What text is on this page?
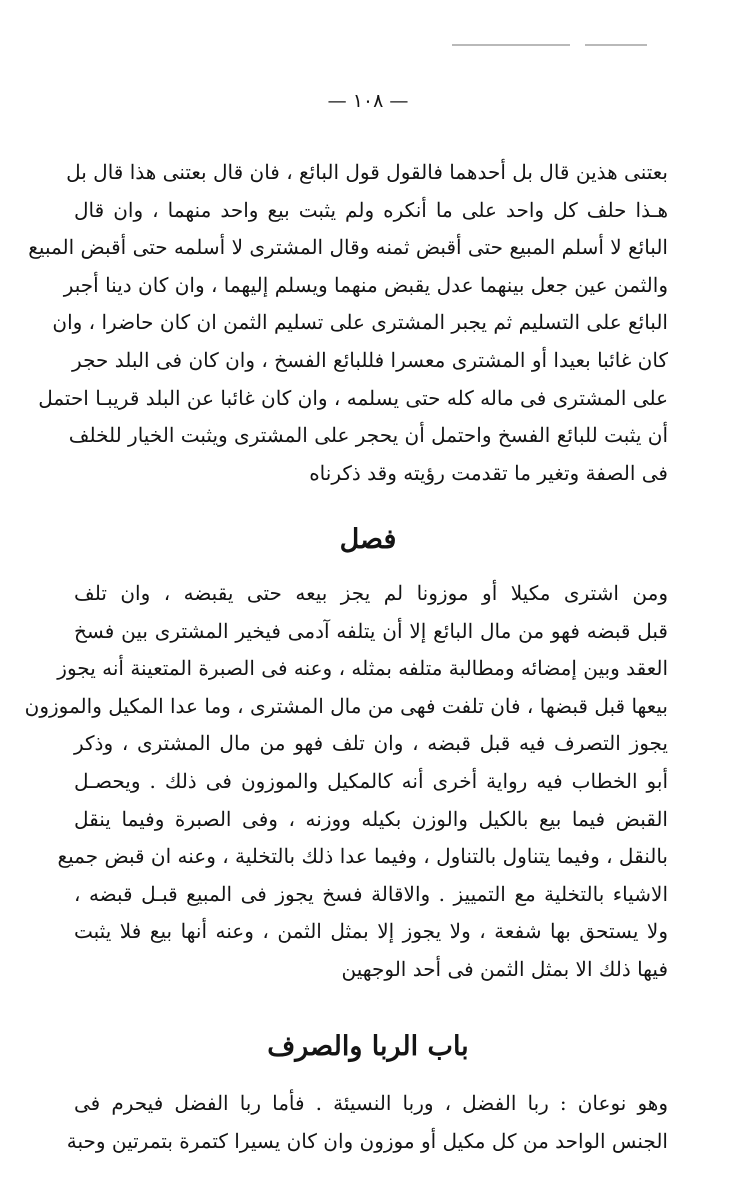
— ١٠٨ —
بعتنى هذين قال بل أحدهما فالقول قول البائع ، فان قال بعتنى هذا قال بل
هـذا حلف كل واحد على ما أنكره ولم يثبت بيع واحد منهما ، وان قال
البائع لا أسلم المبيع حتى أقبض ثمنه وقال المشترى لا أسلمه حتى أقبض المبيع
والثمن عين جعل بينهما عدل يقبض منهما ويسلم إليهما ، وان كان دينا أجبر
البائع على التسليم ثم يجبر المشترى على تسليم الثمن ان كان حاضرا ، وان
كان غائبا بعيدا أو المشترى معسرا فللبائع الفسخ ، وان كان فى البلد حجر
على المشترى فى ماله كله حتى يسلمه ، وان كان غائبا عن البلد قريبـا احتمل
أن يثبت للبائع الفسخ واحتمل أن يحجر على المشترى ويثبت الخيار للخلف
فى الصفة وتغير ما تقدمت رؤيته وقد ذكرناه
فصل
ومن اشترى مكيلا أو موزونا لم يجز بيعه حتى يقبضه ، وان تلف
قبل قبضه فهو من مال البائع إلا أن يتلفه آدمى فيخير المشترى بين فسخ
العقد وبين إمضائه ومطالبة متلفه بمثله ، وعنه فى الصبرة المتعينة أنه يجوز
بيعها قبل قبضها ، فان تلفت فهى من مال المشترى ، وما عدا المكيل والموزون
يجوز التصرف فيه قبل قبضه ، وان تلف فهو من مال المشترى ، وذكر
أبو الخطاب فيه رواية أخرى أنه كالمكيل والموزون فى ذلك . ويحصـل
القبض فيما بيع بالكيل والوزن بكيله ووزنه ، وفى الصبرة وفيما ينقل
بالنقل ، وفيما يتناول بالتناول ، وفيما عدا ذلك بالتخلية ، وعنه ان قبض جميع
الاشياء بالتخلية مع التمييز . والاقالة فسخ يجوز فى المبيع قبـل قبضه ،
ولا يستحق بها شفعة ، ولا يجوز إلا بمثل الثمن ، وعنه أنها بيع فلا يثبت
فيها ذلك الا بمثل الثمن فى أحد الوجهين
باب الربا والصرف
وهو نوعان : ربا الفضل ، وربا النسيئة . فأما ربا الفضل فيحرم فى
الجنس الواحد من كل مكيل أو موزون وان كان يسيرا كتمرة بتمرتين وحبة
